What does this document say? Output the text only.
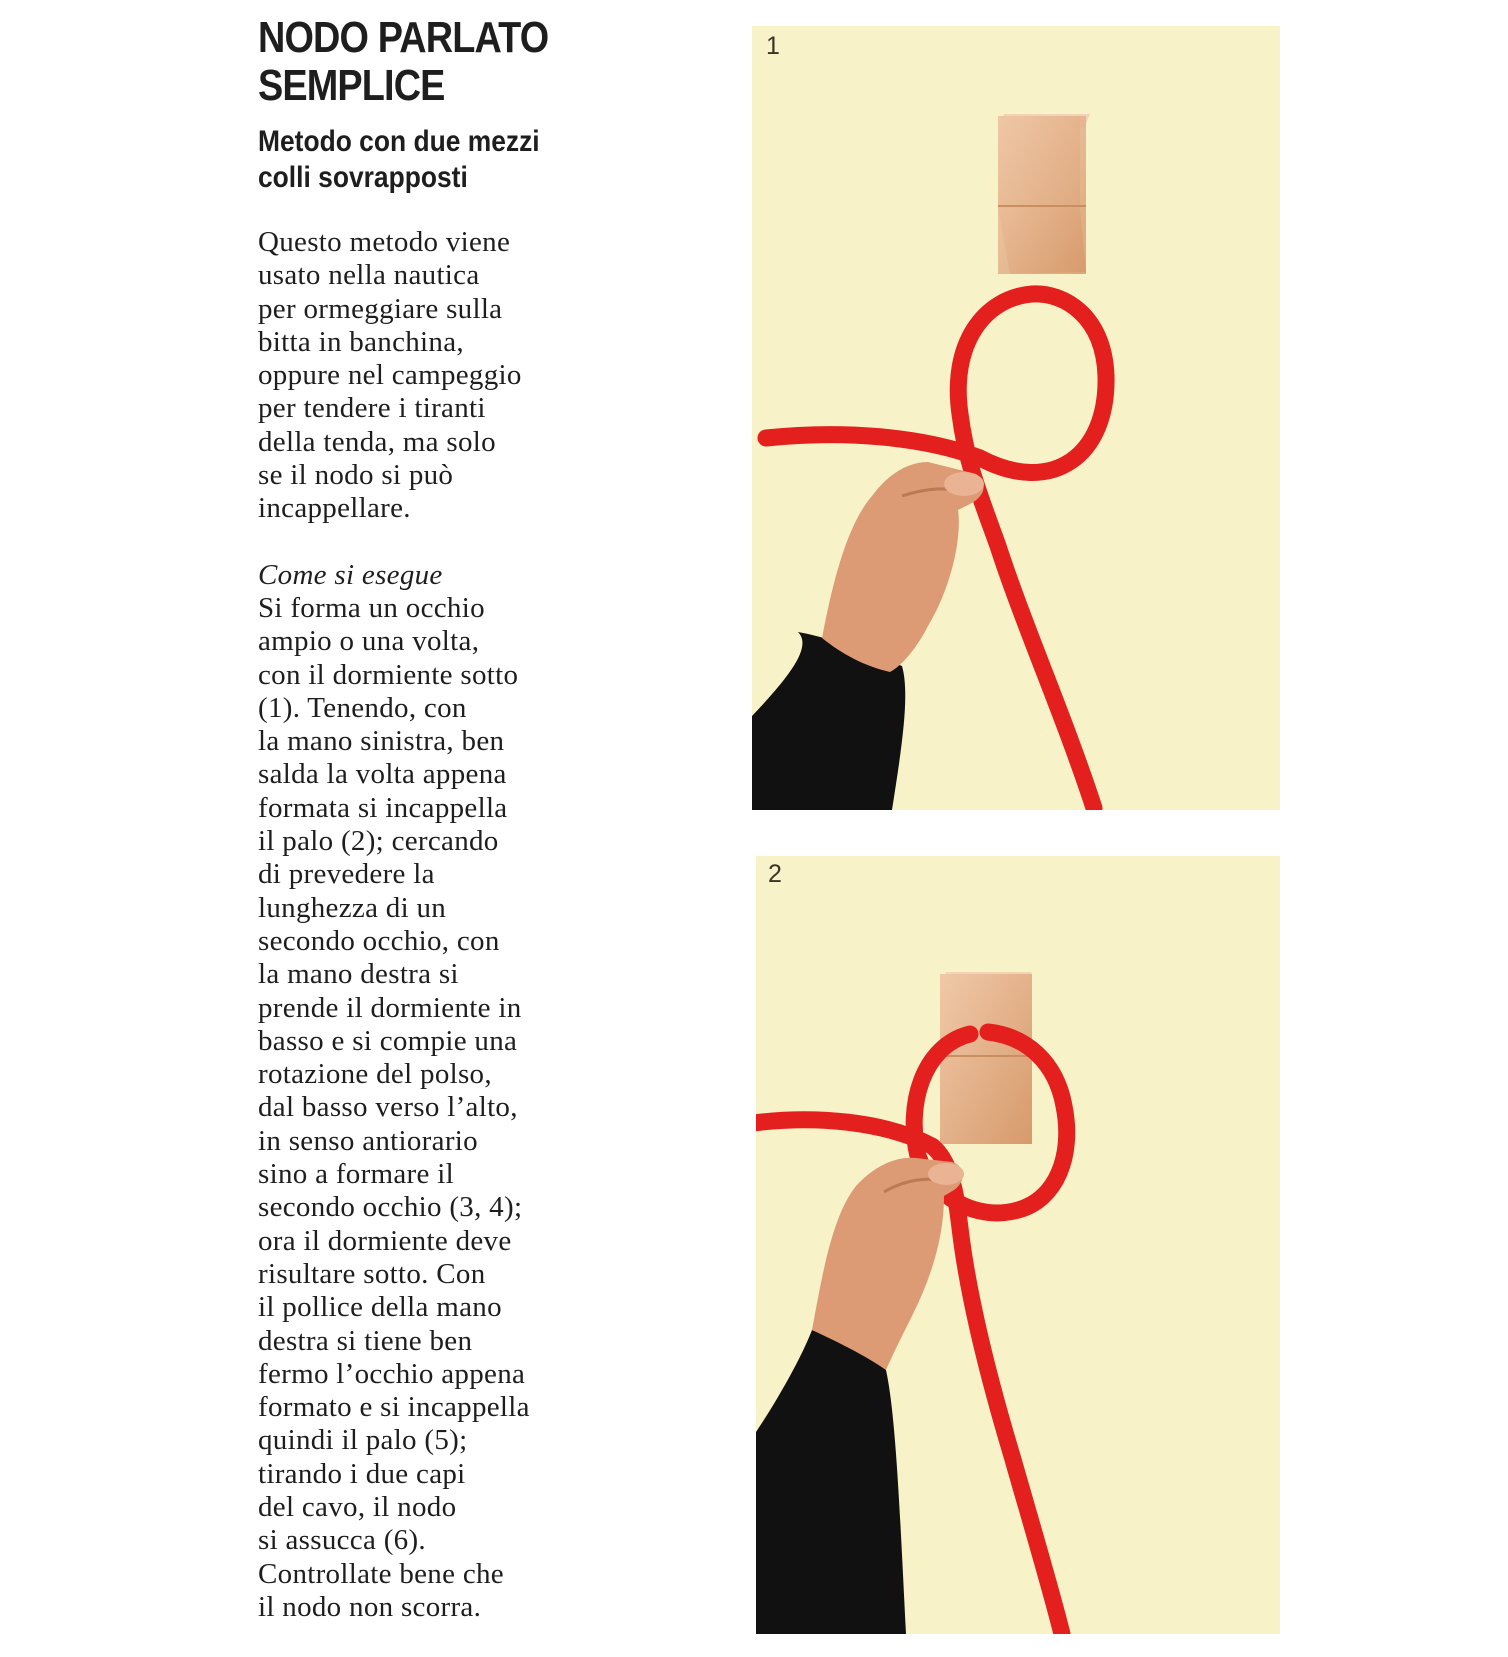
NODO PARLATO
SEMPLICE
Metodo con due mezzi
colli sovrapposti
Questo metodo viene
usato nella nautica
per ormeggiare sulla
bitta in banchina,
oppure nel campeggio
per tendere i tiranti
della tenda, ma solo
se il nodo si può
incappellare.
Come si esegue
Si forma un occhio
ampio o una volta,
con il dormiente sotto
(1). Tenendo, con
la mano sinistra, ben
salda la volta appena
formata si incappella
il palo (2); cercando
di prevedere la
lunghezza di un
secondo occhio, con
la mano destra si
prende il dormiente in
basso e si compie una
rotazione del polso,
dal basso verso l’alto,
in senso antiorario
sino a formare il
secondo occhio (3, 4);
ora il dormiente deve
risultare sotto. Con
il pollice della mano
destra si tiene ben
fermo l’occhio appena
formato e si incappella
quindi il palo (5);
tirando i due capi
del cavo, il nodo
si assucca (6).
Controllate bene che
il nodo non scorra.
1
2
